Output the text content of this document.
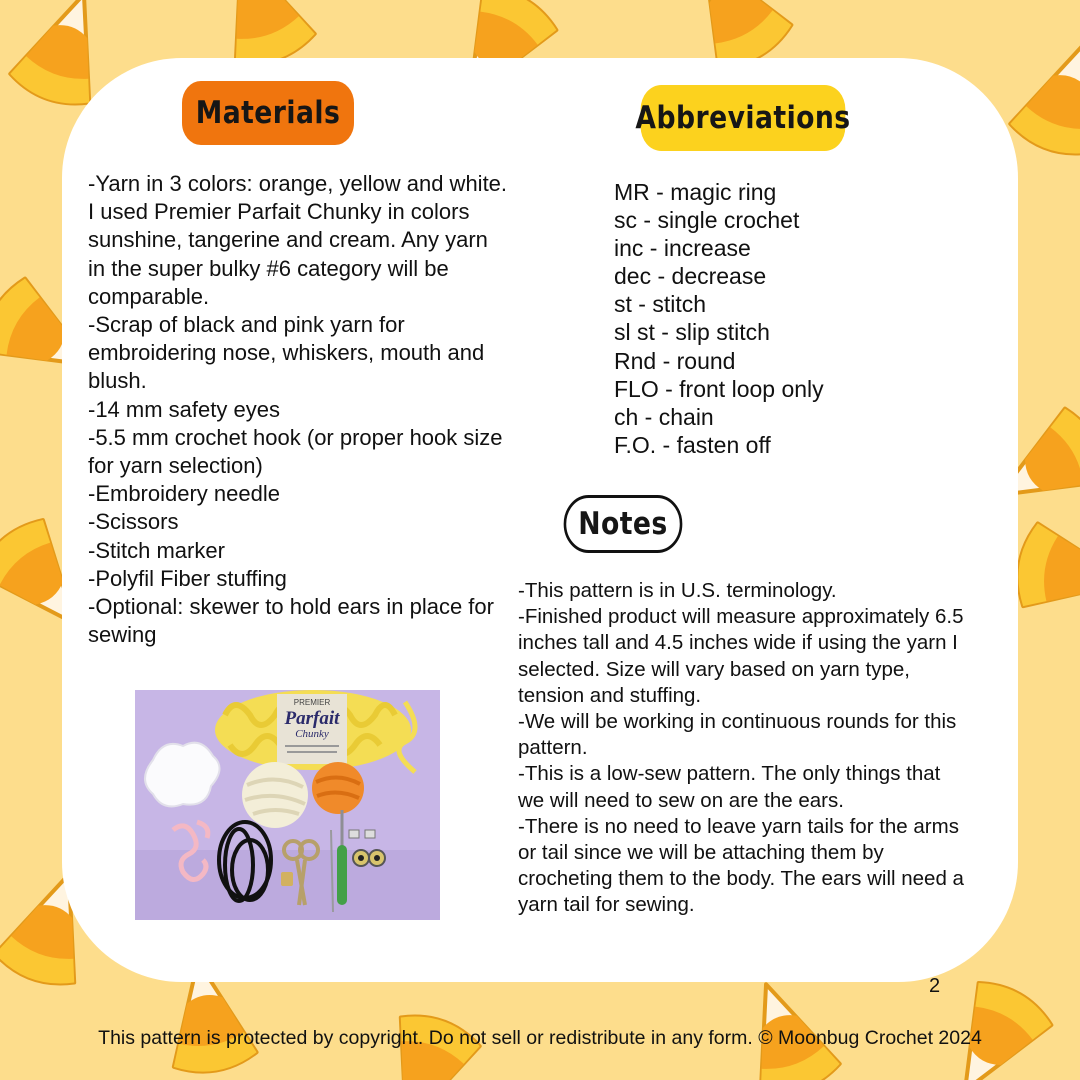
Materials	Abbreviations
Notes

-Yarn in 3 colors: orange, yellow and white. I used Premier Parfait Chunky in colors sunshine, tangerine and cream. Any yarn in the super bulky #6 category will be comparable.

-Scrap of black and pink yarn for embroidering nose, whiskers, mouth and blush.

-14 mm safety eyes

-5.5 mm crochet hook (or proper hook size for yarn selection)

-Embroidery needle

-Scissors

-Stitch marker

-Polyfil Fiber stuffing

-Optional: skewer to hold ears in place for sewing

MR - magic ring
sc - single crochet
inc - increase
dec - decrease
st - stitch
sl st - slip stitch
Rnd - round
FLO - front loop only
ch - chain
F.O. - fasten off

-This pattern is in U.S. terminology.

-Finished product will measure approximately 6.5 inches tall and 4.5 inches wide if using the yarn I selected. Size will vary based on yarn type, tension and stuffing.

-We will be working in continuous rounds for this pattern.

-This is a low-sew pattern. The only things that we will need to sew on are the ears.

-There is no need to leave yarn tails for the arms or tail since we will be attaching them by crocheting them to the body. The ears will need a yarn tail for sewing.

PREMIER
Parfait
Chunky
2
This pattern is protected by copyright. Do not sell or redistribute in any form. © Moonbug Crochet 2024
